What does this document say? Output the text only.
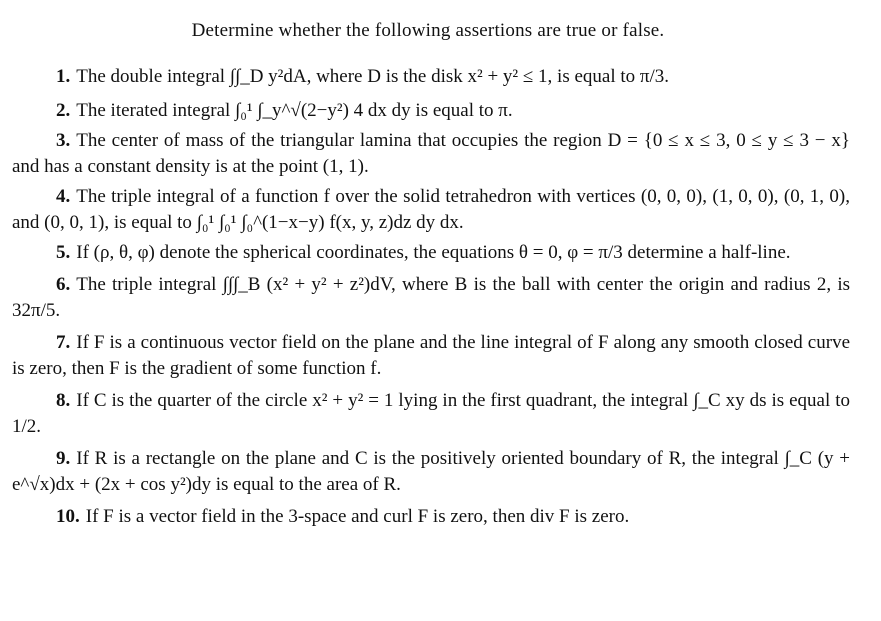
Determine whether the following assertions are true or false.

1. The double integral ∫∫_D y²dA, where D is the disk x² + y² ≤ 1, is equal to π/3.

2. The iterated integral ∫₀¹ ∫_y^√(2−y²) 4 dx dy is equal to π.

3. The center of mass of the triangular lamina that occupies the region D = {0 ≤ x ≤ 3, 0 ≤ y ≤ 3 − x} and has a constant density is at the point (1, 1).

4. The triple integral of a function f over the solid tetrahedron with vertices (0, 0, 0), (1, 0, 0), (0, 1, 0), and (0, 0, 1), is equal to ∫₀¹ ∫₀¹ ∫₀^(1−x−y) f(x, y, z)dz dy dx.

5. If (ρ, θ, φ) denote the spherical coordinates, the equations θ = 0, φ = π/3 determine a half-line.

6. The triple integral ∫∫∫_B (x² + y² + z²)dV, where B is the ball with center the origin and radius 2, is 32π/5.

7. If F is a continuous vector field on the plane and the line integral of F along any smooth closed curve is zero, then F is the gradient of some function f.

8. If C is the quarter of the circle x² + y² = 1 lying in the first quadrant, the integral ∫_C xy ds is equal to 1/2.

9. If R is a rectangle on the plane and C is the positively oriented boundary of R, the integral ∫_C (y + e^√x)dx + (2x + cos y²)dy is equal to the area of R.

10. If F is a vector field in the 3-space and curl F is zero, then div F is zero.
